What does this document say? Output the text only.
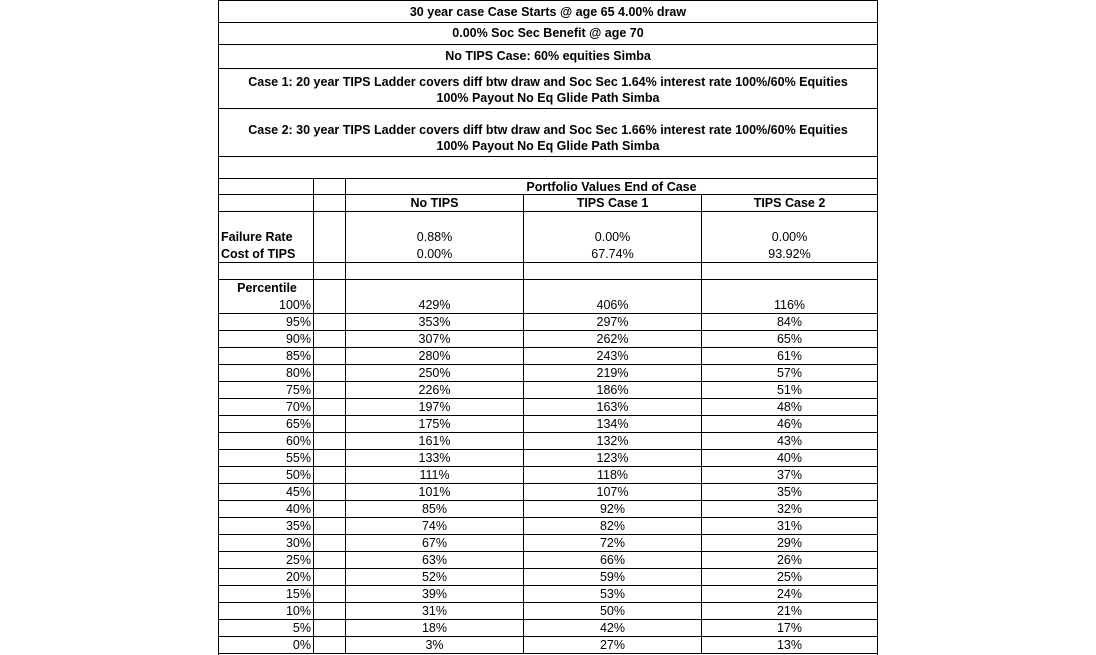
30 year case Case Starts @ age 65 4.00% draw
0.00% Soc Sec Benefit @ age 70
No TIPS Case: 60% equities Simba
Case 1: 20 year TIPS Ladder covers diff btw draw and Soc Sec 1.64% interest rate 100%/60% Equities
100% Payout No Eq Glide Path Simba
Case 2: 30 year TIPS Ladder covers diff btw draw and Soc Sec 1.66% interest rate 100%/60% Equities
100% Payout No Eq Glide Path Simba
Portfolio Values End of Case
No TIPS	TIPS Case 1	TIPS Case 2
Failure Rate	0.88%	0.00%	0.00%
Cost of TIPS	0.00%	67.74%	93.92%
Percentile
100%	429%	406%	116%
95%	353%	297%	84%
90%	307%	262%	65%
85%	280%	243%	61%
80%	250%	219%	57%
75%	226%	186%	51%
70%	197%	163%	48%
65%	175%	134%	46%
60%	161%	132%	43%
55%	133%	123%	40%
50%	111%	118%	37%
45%	101%	107%	35%
40%	85%	92%	32%
35%	74%	82%	31%
30%	67%	72%	29%
25%	63%	66%	26%
20%	52%	59%	25%
15%	39%	53%	24%
10%	31%	50%	21%
5%	18%	42%	17%
0%	3%	27%	13%
